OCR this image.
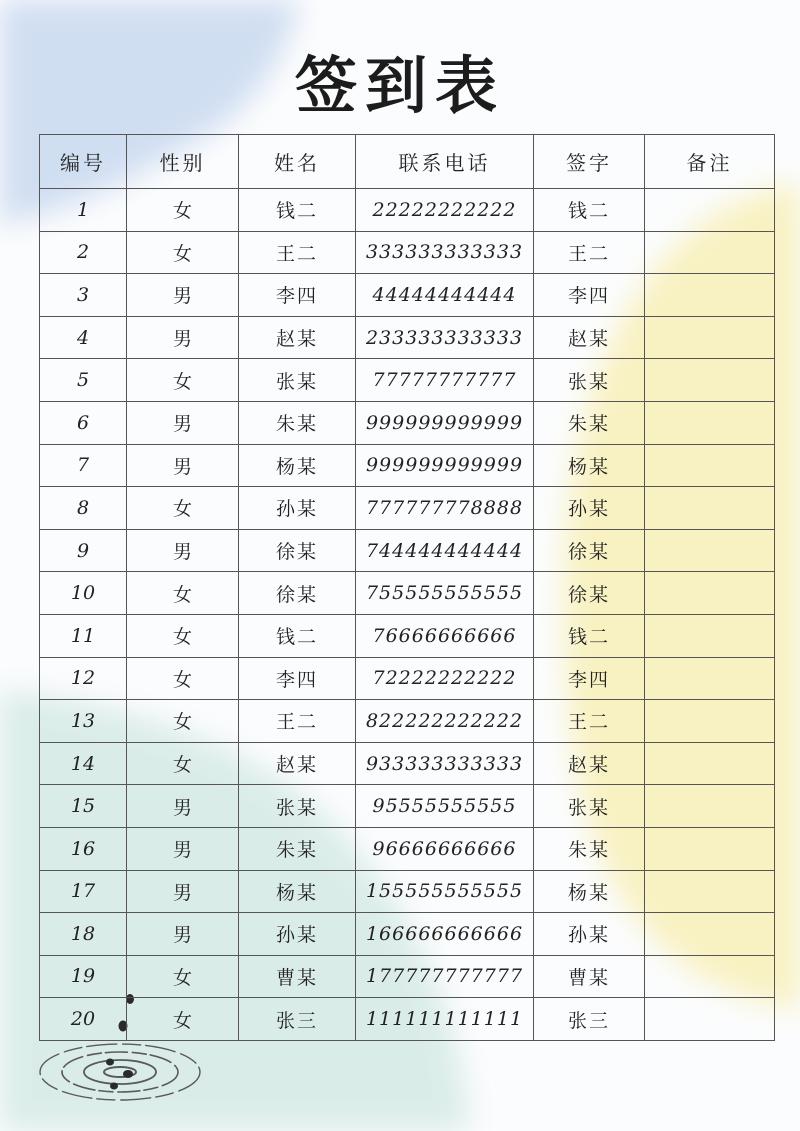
签到表
编号	性别	姓名	联系电话	签字	备注
1	女	钱二	22222222222	钱二	
2	女	王二	333333333333	王二	
3	男	李四	44444444444	李四	
4	男	赵某	233333333333	赵某	
5	女	张某	77777777777	张某	
6	男	朱某	999999999999	朱某	
7	男	杨某	999999999999	杨某	
8	女	孙某	777777778888	孙某	
9	男	徐某	744444444444	徐某	
10	女	徐某	755555555555	徐某	
11	女	钱二	76666666666	钱二	
12	女	李四	72222222222	李四	
13	女	王二	822222222222	王二	
14	女	赵某	933333333333	赵某	
15	男	张某	95555555555	张某	
16	男	朱某	96666666666	朱某	
17	男	杨某	155555555555	杨某	
18	男	孙某	166666666666	孙某	
19	女	曹某	177777777777	曹某	
20	女	张三	111111111111	张三	
